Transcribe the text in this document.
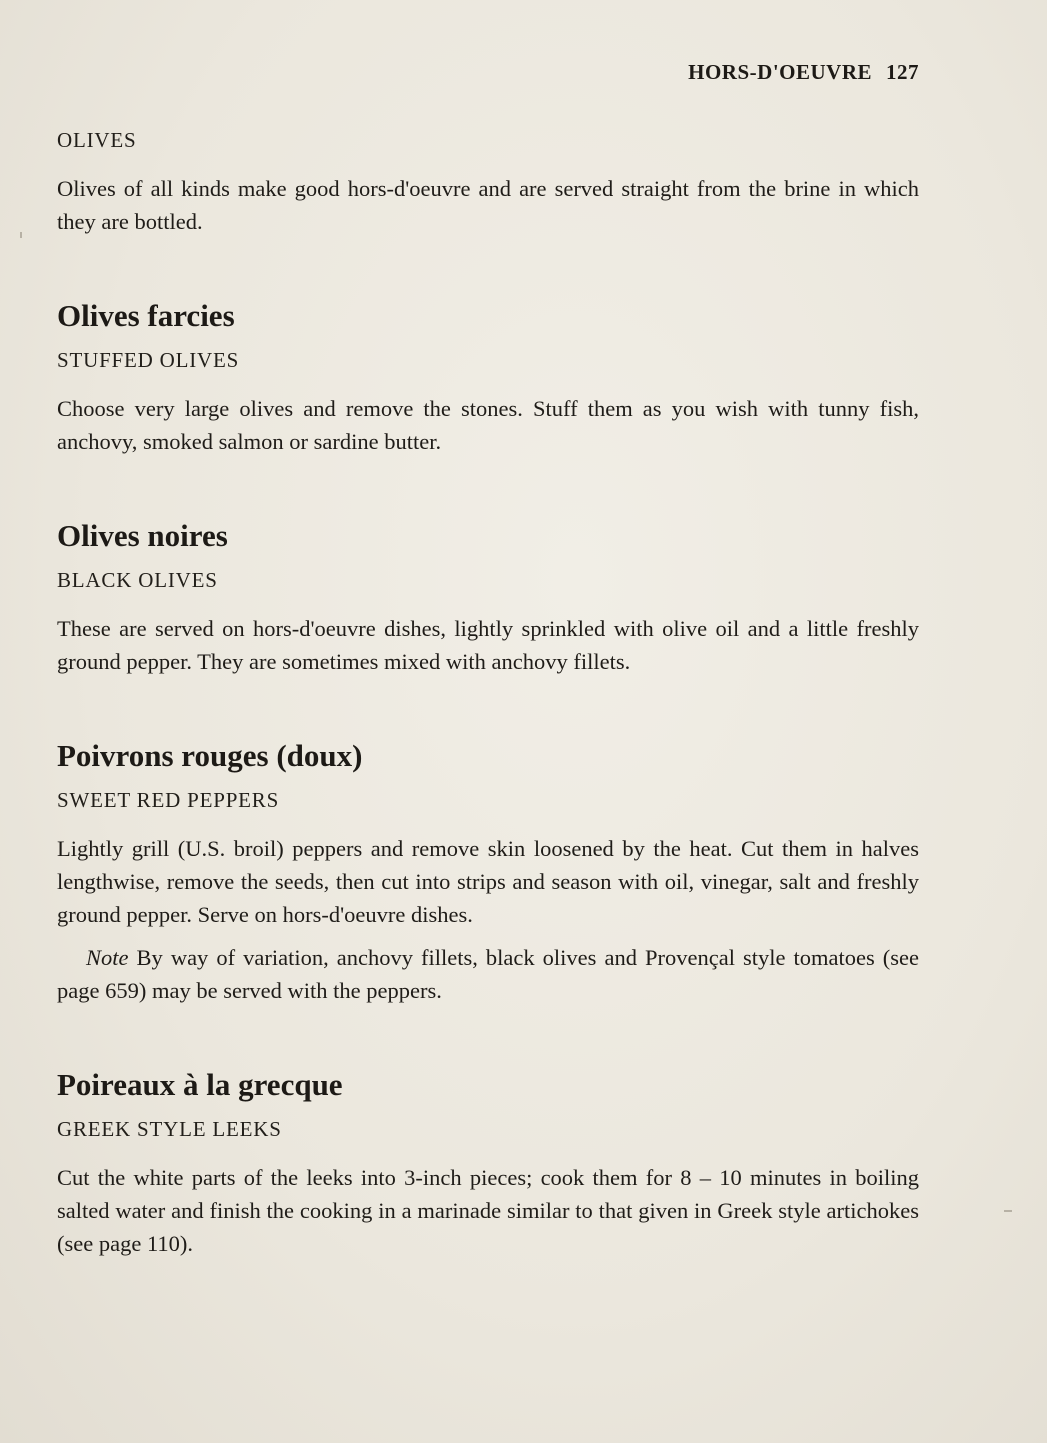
HORS-D'OEUVRE 127

OLIVES

Olives of all kinds make good hors-d'oeuvre and are served straight from the brine in which they are bottled.

Olives farcies

STUFFED OLIVES

Choose very large olives and remove the stones. Stuff them as you wish with tunny fish, anchovy, smoked salmon or sardine butter.

Olives noires

BLACK OLIVES

These are served on hors-d'oeuvre dishes, lightly sprinkled with olive oil and a little freshly ground pepper. They are sometimes mixed with anchovy fillets.

Poivrons rouges (doux)

SWEET RED PEPPERS

Lightly grill (U.S. broil) peppers and remove skin loosened by the heat. Cut them in halves lengthwise, remove the seeds, then cut into strips and season with oil, vinegar, salt and freshly ground pepper. Serve on hors-d'oeuvre dishes.

Note By way of variation, anchovy fillets, black olives and Provençal style tomatoes (see page 659) may be served with the peppers.

Poireaux à la grecque

GREEK STYLE LEEKS

Cut the white parts of the leeks into 3-inch pieces; cook them for 8 – 10 minutes in boiling salted water and finish the cooking in a marinade similar to that given in Greek style artichokes (see page 110).
